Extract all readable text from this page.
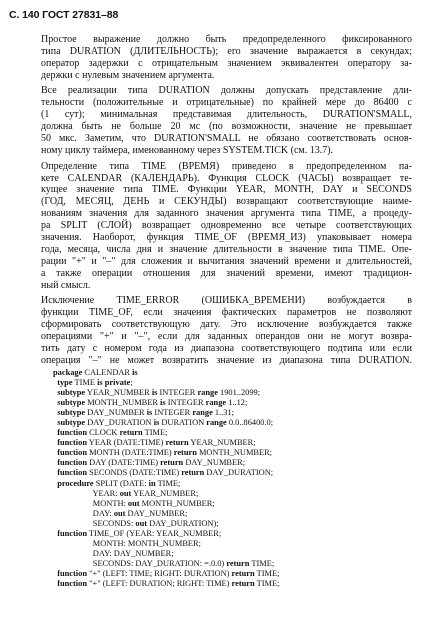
С. 140 ГОСТ 27831–88

Простое выражение должно быть предопределенного фиксированного
типа DURATION (ДЛИТЕЛЬНОСТЬ); его значение выражается в секундах;
оператор задержки с отрицательным значением эквивалентен оператору за-
держки с нулевым значением аргумента.

Все реализации типа DURATION должны допускать представление дли-
тельности (положительные и отрицательные) по крайней мере до 86400 с
(1 сут); минимальная представимая длительность, DURATION'SMALL,
должна быть не больше 20 мс (по возможности, значение не превышает
50 мкс. Заметим, что DURATION'SMALL не обязано соответствовать основ-
ному циклу таймера, именованному через SYSTEM.TICK (см. 13.7).

Определение типа TIME (ВРЕМЯ) приведено в предопределенном па-
кете CALENDAR (КАЛЕНДАРЬ). Функция CLOCK (ЧАСЫ) возвращает те-
кущее значение типа TIME. Функции YEAR, MONTH, DAY и SECONDS
(ГОД, МЕСЯЦ, ДЕНЬ и СЕКУНДЫ) возвращают соответствующие наиме-
нованиям значения для заданного значения аргумента типа TIME, а процеду-
ра SPLIT (СЛОЙ) возвращает одновременно все четыре соответствующих
значения. Наоборот, функция TIME_OF (ВРЕМЯ_ИЗ) упаковывает номера
года, месяца, числа дня и значение длительности в значение типа TIME. Опе-
рации "+" и "–" для сложения и вычитания значений времени и длительностей,
а также операции отношения для значений времени, имеют традицион-
ный смысл.

Исключение TIME_ERROR (ОШИБКА_ВРЕМЕНИ) возбуждается в
функции TIME_OF, если значения фактических параметров не позволяют
сформировать соответствующую дату. Это исключение возбуждается также
операциями "+" и "–", если для заданных операндов они не могут возвра-
тить дату с номером года из диапазона соответствующего подтипа или если
операция "–" не может возвратить значение из диапазона типа DURATION.

package CALENDAR is
type TIME is private;
subtype YEAR_NUMBER is INTEGER range 1901..2099;
subtype MONTH_NUMBER is INTEGER range 1..12;
subtype DAY_NUMBER is INTEGER range 1..31;
subtype DAY_DURATION is DURATION range 0.0..86400.0;
function CLOCK return TIME;
function YEAR (DATE:TIME) return YEAR_NUMBER;
function MONTH (DATE:TIME) return MONTH_NUMBER;
function DAY (DATE:TIME) return DAY_NUMBER;
function SECONDS (DATE:TIME) return DAY_DURATION;
procedure SPLIT (DATE: in TIME;
YEAR: out YEAR_NUMBER;
MONTH: out MONTH_NUMBER;
DAY: out DAY_NUMBER;
SECONDS: out DAY_DURATION);
function TIME_OF (YEAR: YEAR_NUMBER;
MONTH: MONTH_NUMBER;
DAY: DAY_NUMBER;
SECONDS: DAY_DURATION: =.0.0) return TIME;
function "+" (LEFT: TIME; RIGHT: DURATION) return TIME;
function "+" (LEFT: DURATION; RIGHT: TIME) return TIME;
